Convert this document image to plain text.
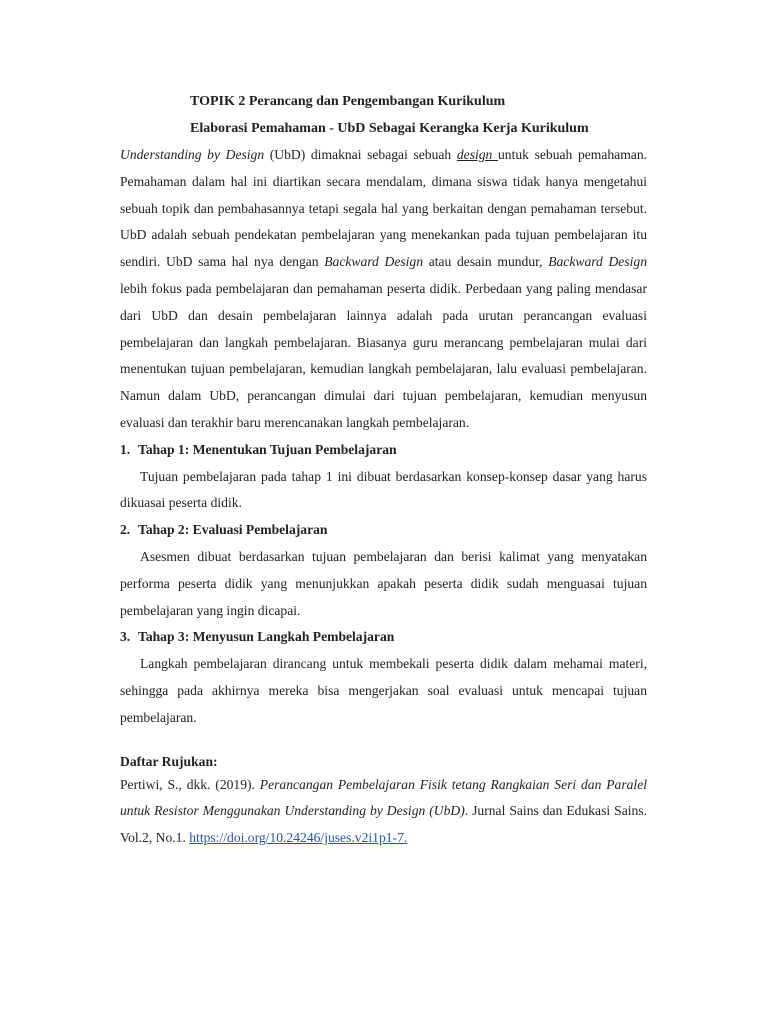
TOPIK 2 Perancang dan Pengembangan Kurikulum
Elaborasi Pemahaman - UbD Sebagai Kerangka Kerja Kurikulum

Understanding by Design (UbD) dimaknai sebagai sebuah design untuk sebuah pemahaman. Pemahaman dalam hal ini diartikan secara mendalam, dimana siswa tidak hanya mengetahui sebuah topik dan pembahasannya tetapi segala hal yang berkaitan dengan pemahaman tersebut. UbD adalah sebuah pendekatan pembelajaran yang menekankan pada tujuan pembelajaran itu sendiri. UbD sama hal nya dengan Backward Design atau desain mundur, Backward Design lebih fokus pada pembelajaran dan pemahaman peserta didik. Perbedaan yang paling mendasar dari UbD dan desain pembelajaran lainnya adalah pada urutan perancangan evaluasi pembelajaran dan langkah pembelajaran. Biasanya guru merancang pembelajaran mulai dari menentukan tujuan pembelajaran, kemudian langkah pembelajaran, lalu evaluasi pembelajaran. Namun dalam UbD, perancangan dimulai dari tujuan pembelajaran, kemudian menyusun evaluasi dan terakhir baru merencanakan langkah pembelajaran.

1. Tahap 1: Menentukan Tujuan Pembelajaran

Tujuan pembelajaran pada tahap 1 ini dibuat berdasarkan konsep-konsep dasar yang harus dikuasai peserta didik.

2. Tahap 2: Evaluasi Pembelajaran

Asesmen dibuat berdasarkan tujuan pembelajaran dan berisi kalimat yang menyatakan performa peserta didik yang menunjukkan apakah peserta didik sudah menguasai tujuan pembelajaran yang ingin dicapai.

3. Tahap 3: Menyusun Langkah Pembelajaran

Langkah pembelajaran dirancang untuk membekali peserta didik dalam mehamai materi, sehingga pada akhirnya mereka bisa mengerjakan soal evaluasi untuk mencapai tujuan pembelajaran.

Daftar Rujukan:

Pertiwi, S., dkk. (2019). Perancangan Pembelajaran Fisik tetang Rangkaian Seri dan Paralel untuk Resistor Menggunakan Understanding by Design (UbD). Jurnal Sains dan Edukasi Sains. Vol.2, No.1. https://doi.org/10.24246/juses.v2i1p1-7.
